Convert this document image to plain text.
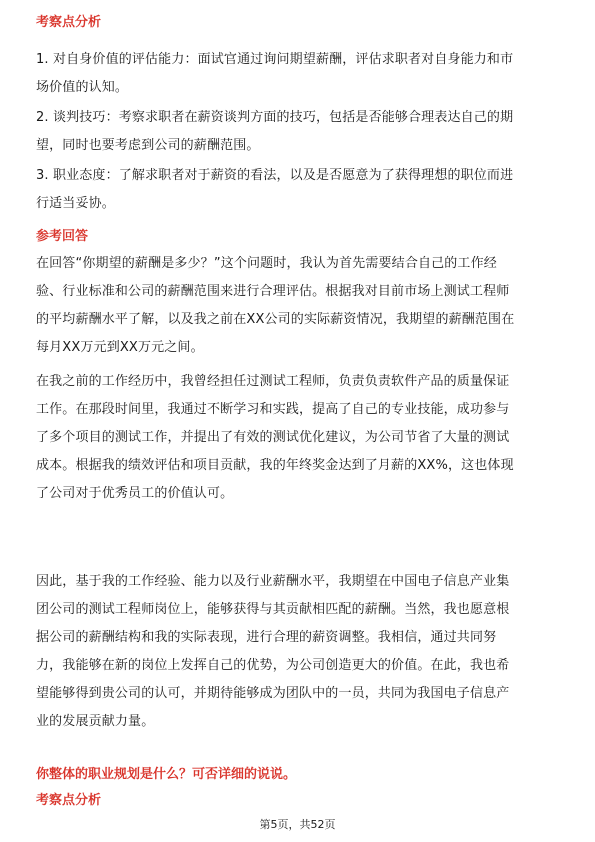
考察点分析
1. 对自身价值的评估能力：面试官通过询问期望薪酬，评估求职者对自身能力和市
场价值的认知。
2. 谈判技巧：考察求职者在薪资谈判方面的技巧，包括是否能够合理表达自己的期
望，同时也要考虑到公司的薪酬范围。
3. 职业态度：了解求职者对于薪资的看法，以及是否愿意为了获得理想的职位而进
行适当妥协。
参考回答
在回答“你期望的薪酬是多少？”这个问题时，我认为首先需要结合自己的工作经
验、行业标准和公司的薪酬范围来进行合理评估。根据我对目前市场上测试工程师
的平均薪酬水平了解，以及我之前在XX公司的实际薪资情况，我期望的薪酬范围在
每月XX万元到XX万元之间。
在我之前的工作经历中，我曾经担任过测试工程师，负责负责软件产品的质量保证
工作。在那段时间里，我通过不断学习和实践，提高了自己的专业技能，成功参与
了多个项目的测试工作，并提出了有效的测试优化建议，为公司节省了大量的测试
成本。根据我的绩效评估和项目贡献，我的年终奖金达到了月薪的XX%，这也体现
了公司对于优秀员工的价值认可。
因此，基于我的工作经验、能力以及行业薪酬水平，我期望在中国电子信息产业集
团公司的测试工程师岗位上，能够获得与其贡献相匹配的薪酬。当然，我也愿意根
据公司的薪酬结构和我的实际表现，进行合理的薪资调整。我相信，通过共同努
力，我能够在新的岗位上发挥自己的优势，为公司创造更大的价值。在此，我也希
望能够得到贵公司的认可，并期待能够成为团队中的一员，共同为我国电子信息产
业的发展贡献力量。
你整体的职业规划是什么？可否详细的说说。
考察点分析
第5页，共52页
